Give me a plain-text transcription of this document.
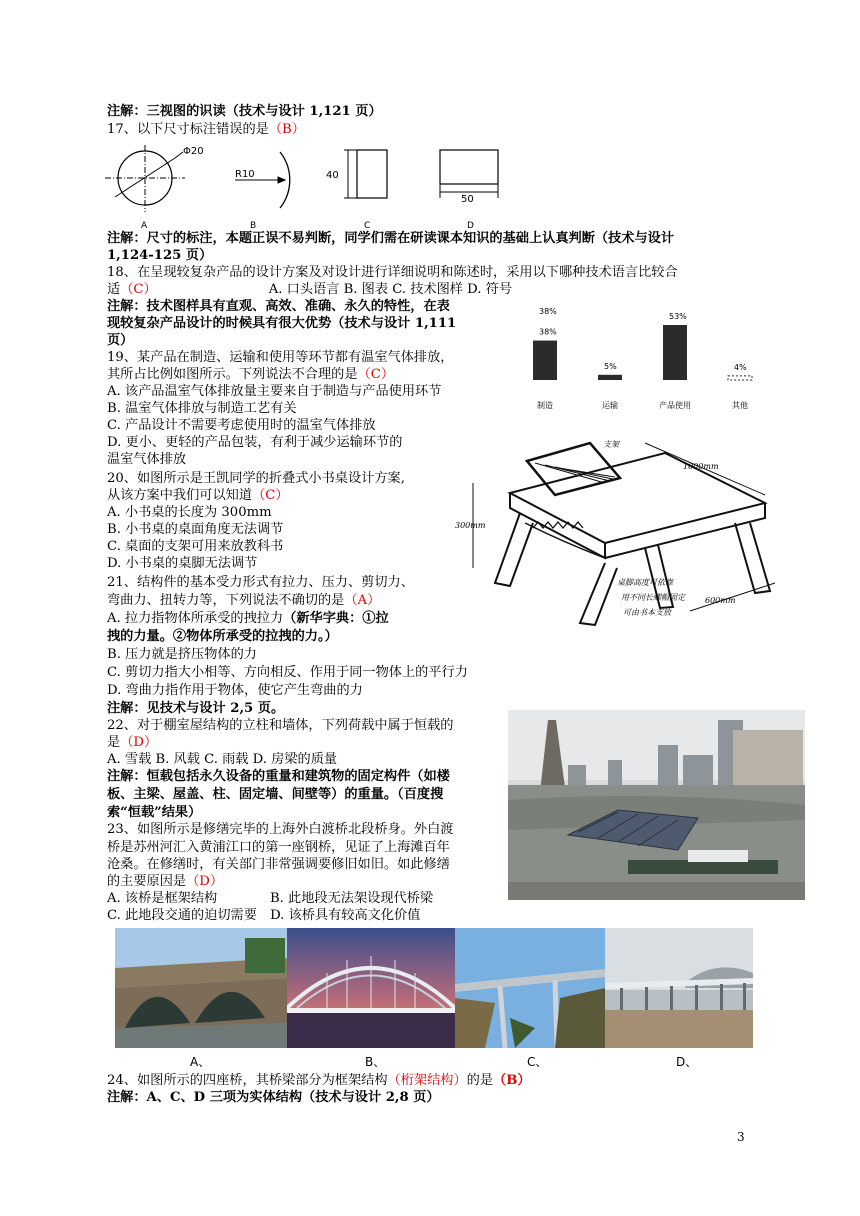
注解：三视图的识读（技术与设计 1,121 页）
17、以下尺寸标注错误的是（B）
注解：尺寸的标注，本题正误不易判断，同学们需在研读课本知识的基础上认真判断（技术与设计
1,124-125 页）
18、在呈现较复杂产品的设计方案及对设计进行详细说明和陈述时，采用以下哪种技术语言比较合
适（C）　　　　　　　　　A. 口头语言 B. 图表 C. 技术图样 D. 符号
注解：技术图样具有直观、高效、准确、永久的特性，在表
现较复杂产品设计的时候具有很大优势（技术与设计 1,111
页）
19、某产品在制造、运输和使用等环节都有温室气体排放，
其所占比例如图所示。下列说法不合理的是（C）
A. 该产品温室气体排放量主要来自于制造与产品使用环节
B. 温室气体排放与制造工艺有关
C. 产品设计不需要考虑使用时的温室气体排放
D. 更小、更轻的产品包装，有利于减少运输环节的
温室气体排放
20、如图所示是王凯同学的折叠式小书桌设计方案,
从该方案中我们可以知道（C）
A. 小书桌的长度为 300mm
B. 小书桌的桌面角度无法调节
C. 桌面的支架可用来放教科书
D. 小书桌的桌脚无法调节
21、结构件的基本受力形式有拉力、压力、剪切力、
弯曲力、扭转力等，下列说法不确切的是（A）
A. 拉力指物体所承受的拽拉力（新华字典：①拉
拽的力量。②物体所承受的拉拽的力。）
B. 压力就是挤压物体的力
C. 剪切力指大小相等、方向相反、作用于同一物体上的平行力
D. 弯曲力指作用于物体，使它产生弯曲的力
注解：见技术与设计 2,5 页。
22、对于棚室屋结构的立柱和墙体，下列荷载中属于恒载的
是（D）
A. 雪载 B. 风载 C. 雨载 D. 房梁的质量
注解：恒载包括永久设备的重量和建筑物的固定构件（如楼
板、主梁、屋盖、柱、固定墙、间壁等）的重量。（百度搜
索“恒载”结果）
23、如图所示是修缮完毕的上海外白渡桥北段桥身。外白渡
桥是苏州河汇入黄浦江口的第一座钢桥，见证了上海滩百年
沧桑。在修缮时，有关部门非常强调要修旧如旧。如此修缮
的主要原因是（D）
A. 该桥是框架结构　　　　B. 此地段无法架设现代桥梁
C. 此地段交通的迫切需要　D. 该桥具有较高文化价值
24、如图所示的四座桥，其桥梁部分为框架结构（桁架结构）的是（B）
注解：A、C、D 三项为实体结构（技术与设计 2,8 页）
Φ20
R10	40
50
A	B	C	D
38%
制造
5%
运输
53%
产品使用
4%
其他
38%
支架
1000mm
300mm
桌脚高度可依靠
用不同长螺帽固定
可由书本支放
600mm
A、	B、	C、	D、
3
